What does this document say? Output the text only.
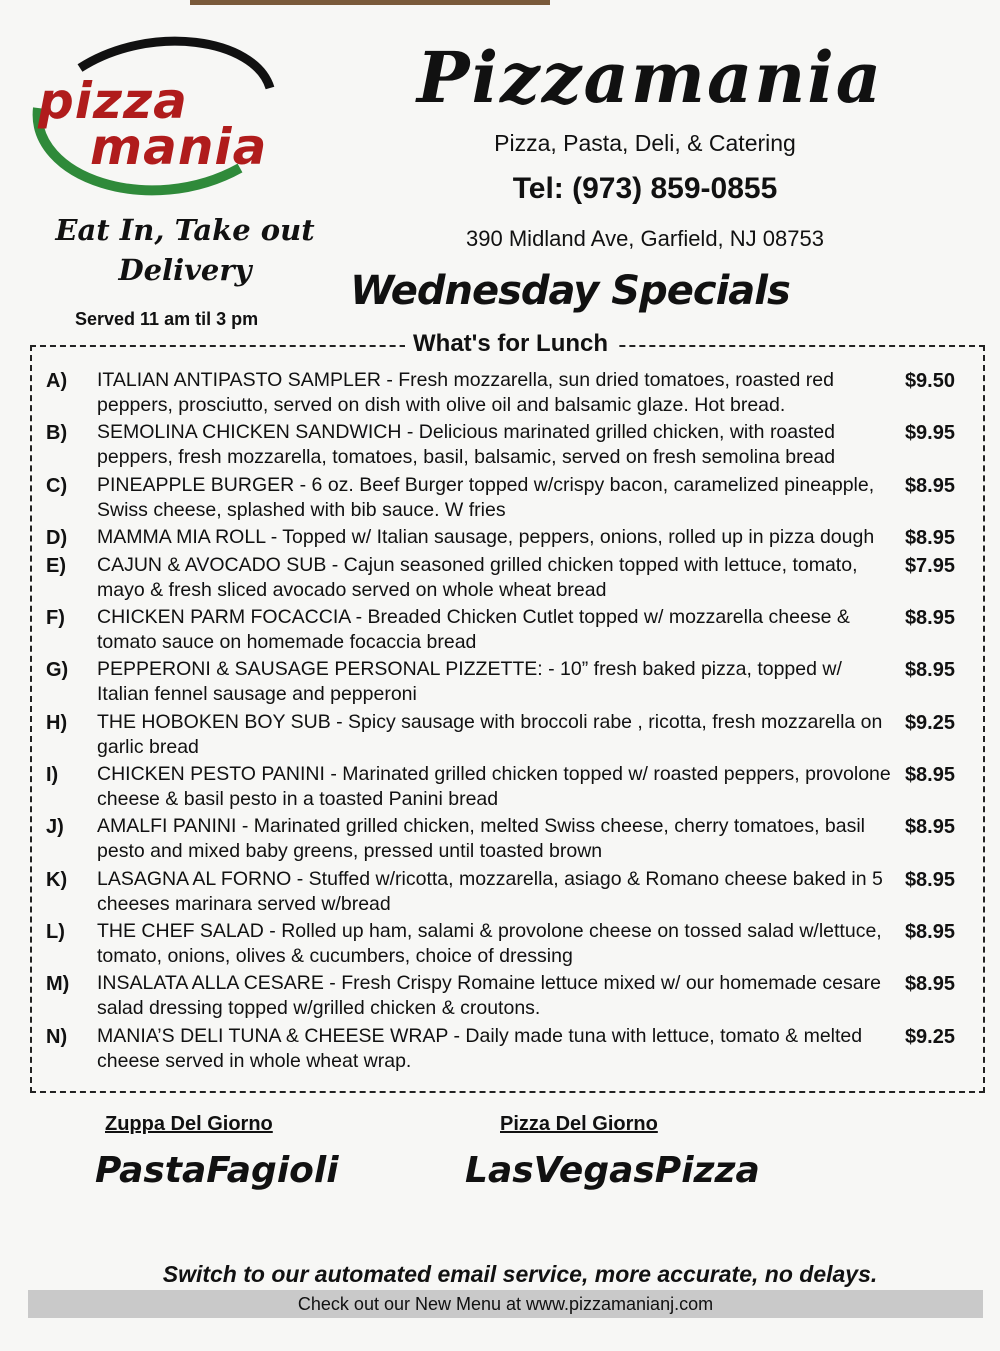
pizza
mania
Eat In, Take out
Delivery
Served 11 am til 3 pm
Pizzamania
Pizza, Pasta, Deli, & Catering
Tel: (973) 859-0855
390 Midland Ave, Garfield, NJ 08753
Wednesday Specials
What's for Lunch
A) ITALIAN ANTIPASTO SAMPLER - Fresh mozzarella, sun dried tomatoes, roasted red peppers, prosciutto, served on dish with olive oil and balsamic glaze. Hot bread.
$9.50
B) SEMOLINA CHICKEN SANDWICH - Delicious marinated grilled chicken, with roasted peppers, fresh mozzarella, tomatoes, basil, balsamic, served on fresh semolina bread
$9.95
C) PINEAPPLE BURGER - 6 oz. Beef Burger topped w/crispy bacon, caramelized pineapple, Swiss cheese, splashed with bib sauce. W fries
$8.95
D) MAMMA MIA ROLL - Topped w/ Italian sausage, peppers, onions, rolled up in pizza dough	$8.95
E) CAJUN & AVOCADO SUB - Cajun seasoned grilled chicken topped with lettuce, tomato, mayo & fresh sliced avocado served on whole wheat bread
$7.95
F) CHICKEN PARM FOCACCIA - Breaded Chicken Cutlet topped w/ mozzarella cheese & tomato sauce on homemade focaccia bread
$8.95
G) PEPPERONI & SAUSAGE PERSONAL PIZZETTE: - 10” fresh baked pizza, topped w/ Italian fennel sausage and pepperoni
$8.95
H) THE HOBOKEN BOY SUB - Spicy sausage with broccoli rabe , ricotta, fresh mozzarella on garlic bread
$9.25
I) CHICKEN PESTO PANINI - Marinated grilled chicken topped w/ roasted peppers, provolone cheese & basil pesto in a toasted Panini bread
$8.95
J) AMALFI PANINI - Marinated grilled chicken, melted Swiss cheese, cherry tomatoes, basil pesto and mixed baby greens, pressed until toasted brown
$8.95
K) LASAGNA AL FORNO - Stuffed w/ricotta, mozzarella, asiago & Romano cheese baked in 5 cheeses marinara served w/bread
$8.95
L) THE CHEF SALAD - Rolled up ham, salami & provolone cheese on tossed salad w/lettuce, tomato, onions, olives & cucumbers, choice of dressing
$8.95
M) INSALATA ALLA CESARE - Fresh Crispy Romaine lettuce mixed w/ our homemade cesare salad dressing topped w/grilled chicken & croutons.
$8.95
N) MANIA’S DELI TUNA & CHEESE WRAP - Daily made tuna with lettuce, tomato & melted cheese served in whole wheat wrap.
$9.25
Zuppa Del Giorno
PastaFagioli
Pizza Del Giorno
LasVegasPizza
Switch to our automated email service, more accurate, no delays.
Check out our New Menu at www.pizzamanianj.com
